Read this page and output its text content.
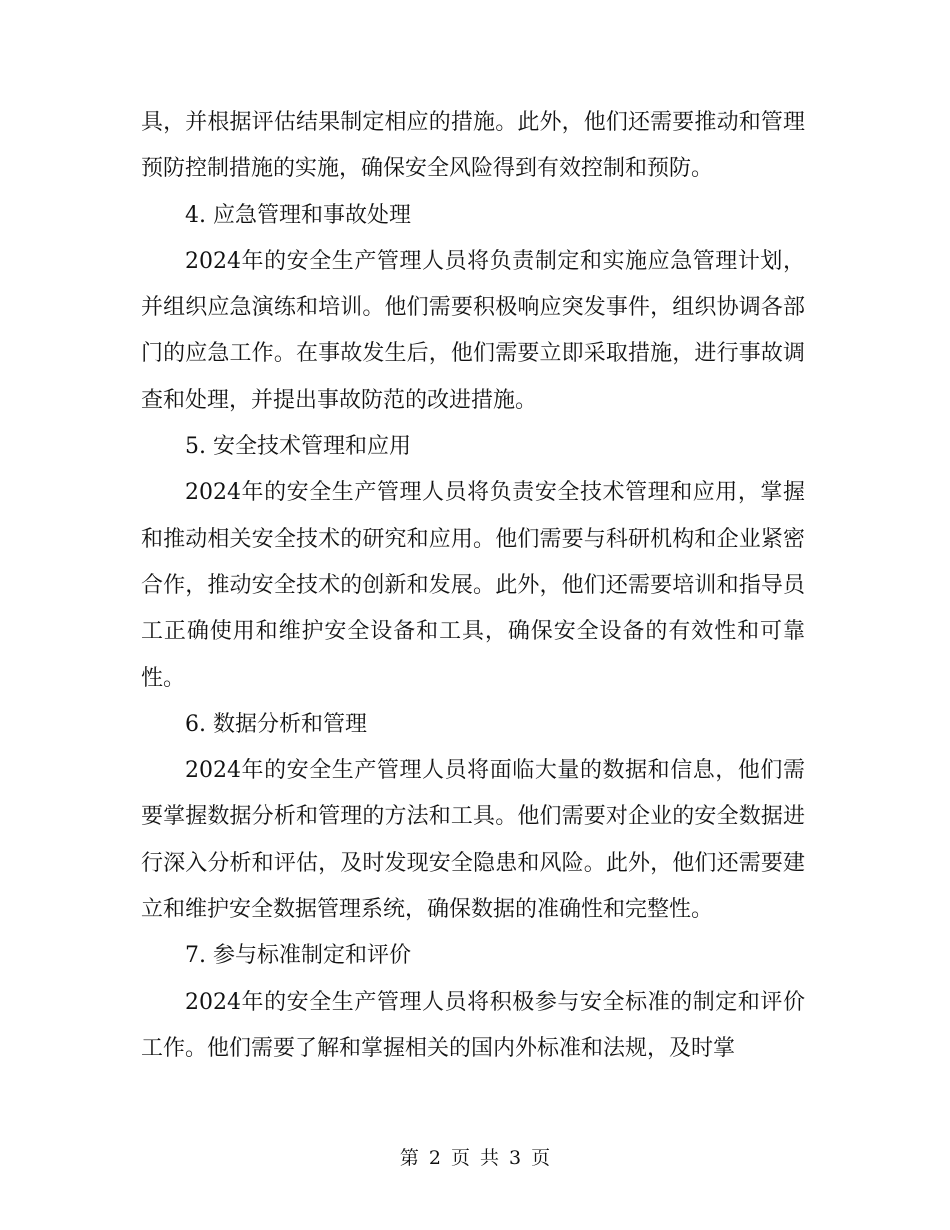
具，并根据评估结果制定相应的措施。此外，他们还需要推动和管理预防控制措施的实施，确保安全风险得到有效控制和预防。

4. 应急管理和事故处理

2024年的安全生产管理人员将负责制定和实施应急管理计划，并组织应急演练和培训。他们需要积极响应突发事件，组织协调各部门的应急工作。在事故发生后，他们需要立即采取措施，进行事故调查和处理，并提出事故防范的改进措施。

5. 安全技术管理和应用

2024年的安全生产管理人员将负责安全技术管理和应用，掌握和推动相关安全技术的研究和应用。他们需要与科研机构和企业紧密合作，推动安全技术的创新和发展。此外，他们还需要培训和指导员工正确使用和维护安全设备和工具，确保安全设备的有效性和可靠性。

6. 数据分析和管理

2024年的安全生产管理人员将面临大量的数据和信息，他们需要掌握数据分析和管理的方法和工具。他们需要对企业的安全数据进行深入分析和评估，及时发现安全隐患和风险。此外，他们还需要建立和维护安全数据管理系统，确保数据的准确性和完整性。

7. 参与标准制定和评价

2024年的安全生产管理人员将积极参与安全标准的制定和评价工作。他们需要了解和掌握相关的国内外标准和法规，及时掌

第 2 页 共 3 页
